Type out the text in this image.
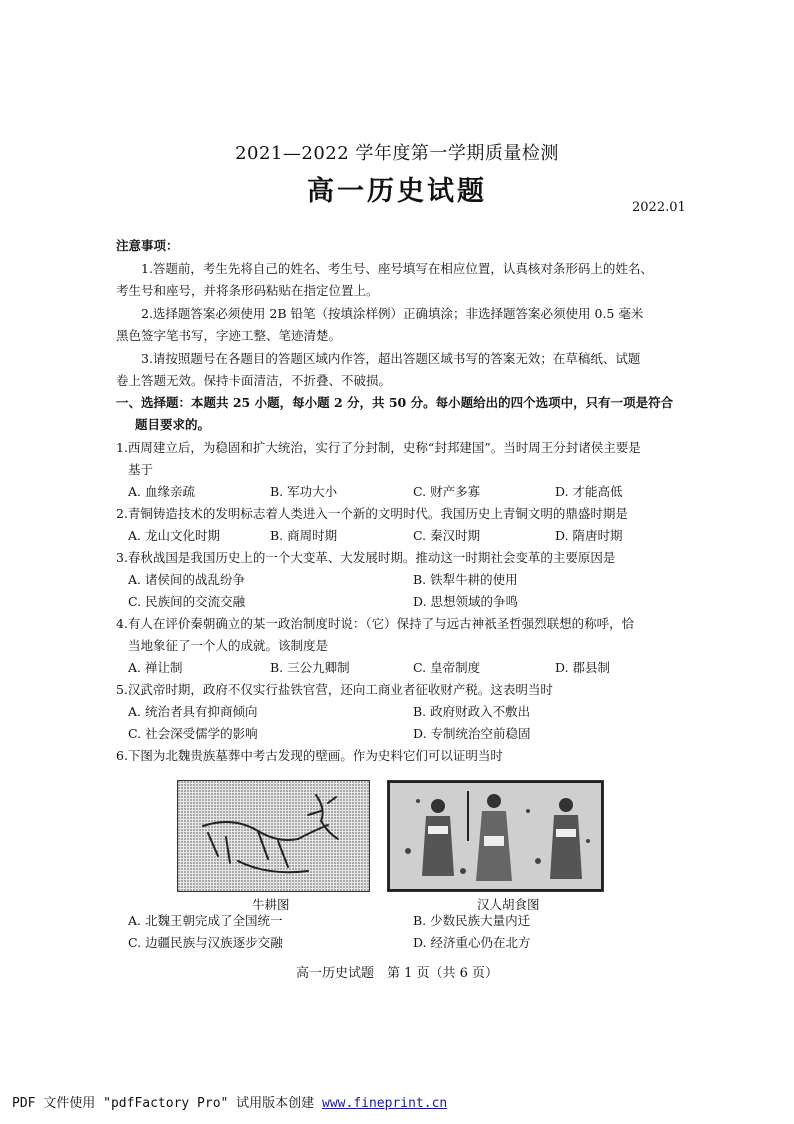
2021—2022 学年度第一学期质量检测
高一历史试题
2022.01
注意事项：
1.答题前，考生先将自己的姓名、考生号、座号填写在相应位置，认真核对条形码上的姓名、
考生号和座号，并将条形码粘贴在指定位置上。
2.选择题答案必须使用 2B 铅笔（按填涂样例）正确填涂；非选择题答案必须使用 0.5 毫米
黑色签字笔书写，字迹工整、笔迹清楚。
3.请按照题号在各题目的答题区域内作答，超出答题区域书写的答案无效；在草稿纸、试题
卷上答题无效。保持卡面清洁，不折叠、不破损。
一、选择题：本题共 25 小题，每小题 2 分，共 50 分。每小题给出的四个选项中，只有一项是符合
题目要求的。
1.西周建立后，为稳固和扩大统治，实行了分封制，史称“封邦建国”。当时周王分封诸侯主要是
基于
A. 血缘亲疏	B. 军功大小	C. 财产多寡	D. 才能高低
2.青铜铸造技术的发明标志着人类进入一个新的文明时代。我国历史上青铜文明的鼎盛时期是
A. 龙山文化时期	B. 商周时期	C. 秦汉时期	D. 隋唐时期
3.春秋战国是我国历史上的一个大变革、大发展时期。推动这一时期社会变革的主要原因是
A. 诸侯间的战乱纷争	B. 铁犁牛耕的使用
C. 民族间的交流交融	D. 思想领域的争鸣
4.有人在评价秦朝确立的某一政治制度时说：（它）保持了与远古神祇圣哲强烈联想的称呼，恰
当地象征了一个人的成就。该制度是
A. 禅让制	B. 三公九卿制	C. 皇帝制度	D. 郡县制
5.汉武帝时期，政府不仅实行盐铁官营，还向工商业者征收财产税。这表明当时
A. 统治者具有抑商倾向	B. 政府财政入不敷出
C. 社会深受儒学的影响	D. 专制统治空前稳固
6.下图为北魏贵族墓葬中考古发现的壁画。作为史料它们可以证明当时
牛耕图	汉人胡食图
A. 北魏王朝完成了全国统一	B. 少数民族大量内迁
C. 边疆民族与汉族逐步交融	D. 经济重心仍在北方
高一历史试题　第 1 页（共 6 页）
PDF 文件使用 "pdfFactory Pro" 试用版本创建 www.fineprint.cn
